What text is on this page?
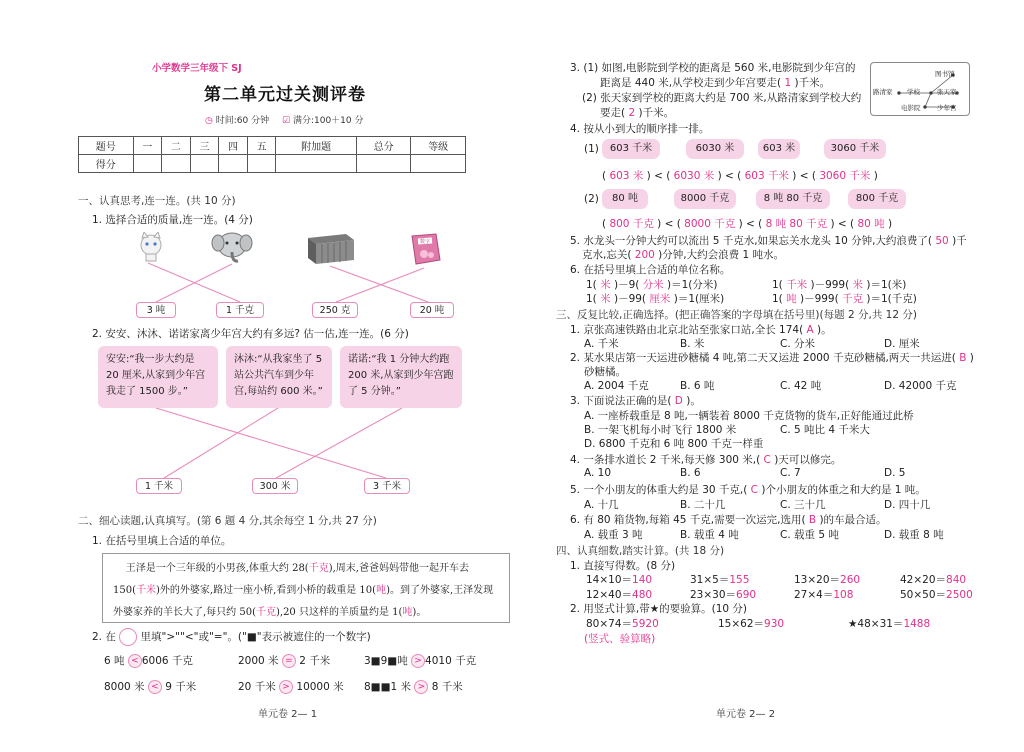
小学数学三年级下 SJ
第二单元过关测评卷
◷ 时间:60 分钟 ☑ 满分:100＋10 分
题号	一	二	三	四	五	附加题	总分	等级
得分								
一、认真思考,连一连。(共 10 分)
1. 选择合适的质量,连一连。(4 分)
数字
3 吨	1 千克	250 克	20 吨
2. 安安、沐沐、诺诺家离少年宫大约有多远? 估一估,连一连。(6 分)
安安:“我一步大约是 20 厘米,从家到少年宫我走了 1500 步。”
沐沐:“从我家坐了 5 站公共汽车到少年宫,每站约 600 米。”
诺诺:“我 1 分钟大约跑 200 米,从家到少年宫跑了 5 分钟。”
1 千米	300 米	3 千米
二、细心读题,认真填写。(第 6 题 4 分,其余每空 1 分,共 27 分)
1. 在括号里填上合适的单位。
王泽是一个三年级的小男孩,体重大约 28(千克),周末,爸爸妈妈带他一起开车去 150(千米)外的外婆家,路过一座小桥,看到小桥的载重是 10(吨)。到了外婆家,王泽发现外婆家养的羊长大了,每只约 50(千克),20 只这样的羊质量约是 1(吨)。
2. 在 里填">""<"或"="。("■"表示被遮住的一个数字)
6 吨 < 6006 千克	2000 米 = 2 千米	3■9■吨 > 4010 千克
8000 米 < 9 千米	20 千米 > 10000 米 8■■1 米 > 8 千米
单元卷 2— 1
3. (1) 如图,电影院到学校的距离是 560 米,电影院到少年宫的
距离是 440 米,从学校走到少年宫要走( 1 )千米。
(2) 张天家到学校的距离大约是 700 米,从路清家到学校大约
要走( 2 )千米。
4. 按从小到大的顺序排一排。
(1)	603 千米	6030 米	603 米	3060 千米
( 603 米 ) < ( 6030 米 ) < ( 603 千米 ) < ( 3060 千米 )
(2)	80 吨	8000 千克	8 吨 80 千克	800 千克
( 800 千克 ) < ( 8000 千克 ) < ( 8 吨 80 千克 ) < ( 80 吨 )
5. 水龙头一分钟大约可以流出 5 千克水,如果忘关水龙头 10 分钟,大约浪费了( 50 )千
克水,忘关( 200 )分钟,大约会浪费 1 吨水。
6. 在括号里填上合适的单位名称。
1( 米 )－9( 分米 )＝1(分米)	1( 千米 )－999( 米 )＝1(米)
1( 米 )－99( 厘米 )＝1(厘米)	1( 吨 )－999( 千克 )＝1(千克)
三、反复比较,正确选择。(把正确答案的字母填在括号里)(每题 2 分,共 12 分)
1. 京张高速铁路由北京北站至张家口站,全长 174( A )。
A. 千米	B. 米	C. 分米	D. 厘米
2. 某水果店第一天运进砂糖橘 4 吨,第二天又运进 2000 千克砂糖橘,两天一共运进( B )
砂糖橘。
A. 2004 千克	B. 6 吨	C. 42 吨	D. 42000 千克
3. 下面说法正确的是( D )。
A. 一座桥载重是 8 吨,一辆装着 8000 千克货物的货车,正好能通过此桥
B. 一架飞机每小时飞行 1800 米	C. 5 吨比 4 千米大
D. 6800 千克和 6 吨 800 千克一样重
4. 一条排水道长 2 千米,每天修 300 米,( C )天可以修完。
A. 10	B. 6	C. 7	D. 5
5. 一个小朋友的体重大约是 30 千克,( C )个小朋友的体重之和大约是 1 吨。
A. 十几	B. 二十几	C. 三十几	D. 四十几
6. 有 80 箱货物,每箱 45 千克,需要一次运完,选用( B )的车最合适。
A. 载重 3 吨	B. 载重 4 吨	C. 载重 5 吨	D. 载重 8 吨
四、认真细数,踏实计算。(共 18 分)
1. 直接写得数。(8 分)
14×10＝140	31×5＝155	13×20＝260	42×20＝840
12×40＝480	23×30＝690	27×4＝108	50×50＝2500
2. 用竖式计算,带★的要验算。(10 分)
80×74＝5920	15×62＝930	★48×31＝1488
(竖式、验算略)
单元卷 2— 2
图书馆
路清家 学校	张天家
电影院	少年宫
